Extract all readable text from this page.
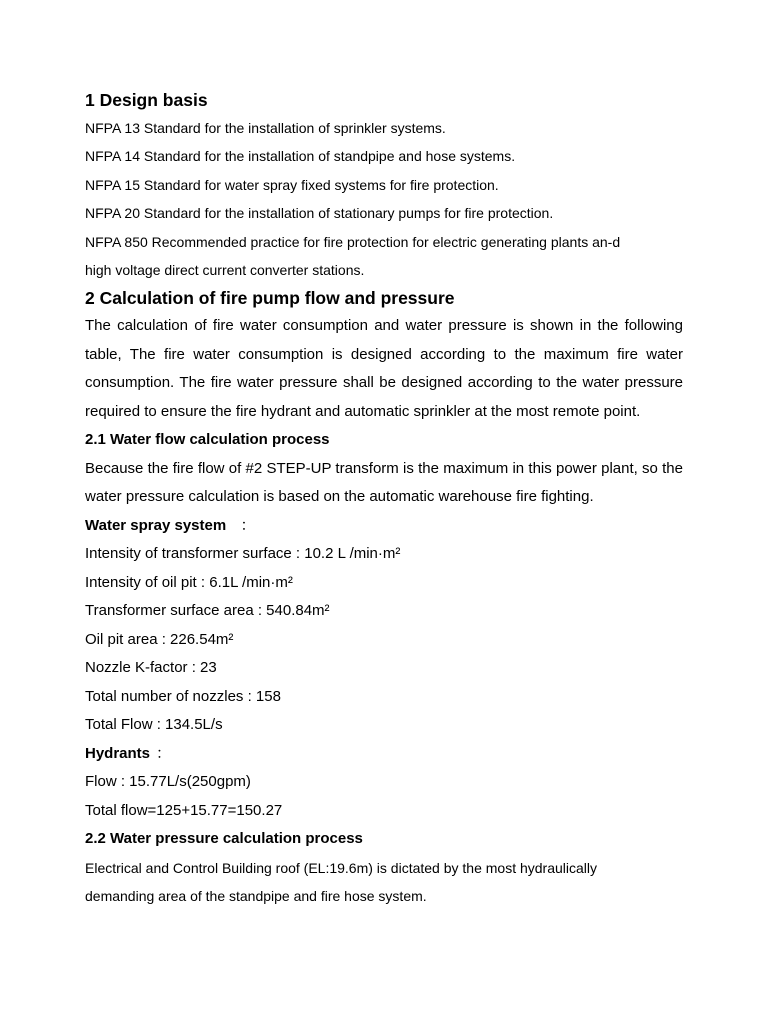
1 Design basis

NFPA 13 Standard for the installation of sprinkler systems.

NFPA 14 Standard for the installation of standpipe and hose systems.

NFPA 15 Standard for water spray fixed systems for fire protection.

NFPA 20 Standard for the installation of stationary pumps for fire protection.

NFPA 850 Recommended practice for fire protection for electric generating plants an-d

high voltage direct current converter stations.

2 Calculation of fire pump flow and pressure

The calculation of fire water consumption and water pressure is shown in the following table, The fire water consumption is designed according to the maximum fire water consumption. The fire water pressure shall be designed according to the water pressure required to ensure the fire hydrant and automatic sprinkler at the most remote point.

2.1 Water flow calculation process

Because the fire flow of #2 STEP-UP transform is the maximum in this power plant, so the water pressure calculation is based on the automatic warehouse fire fighting.

Water spray system ：

Intensity of transformer surface : 10.2 L /min·m²

Intensity of oil pit : 6.1L /min·m²

Transformer surface area : 540.84m²

Oil pit area : 226.54m²

Nozzle K-factor : 23

Total number of nozzles : 158

Total Flow : 134.5L/s

Hydrants ：

Flow : 15.77L/s(250gpm)

Total flow=125+15.77=150.27

2.2 Water pressure calculation process

Electrical and Control Building roof (EL:19.6m) is dictated by the most hydraulically

demanding area of the standpipe and fire hose system.
